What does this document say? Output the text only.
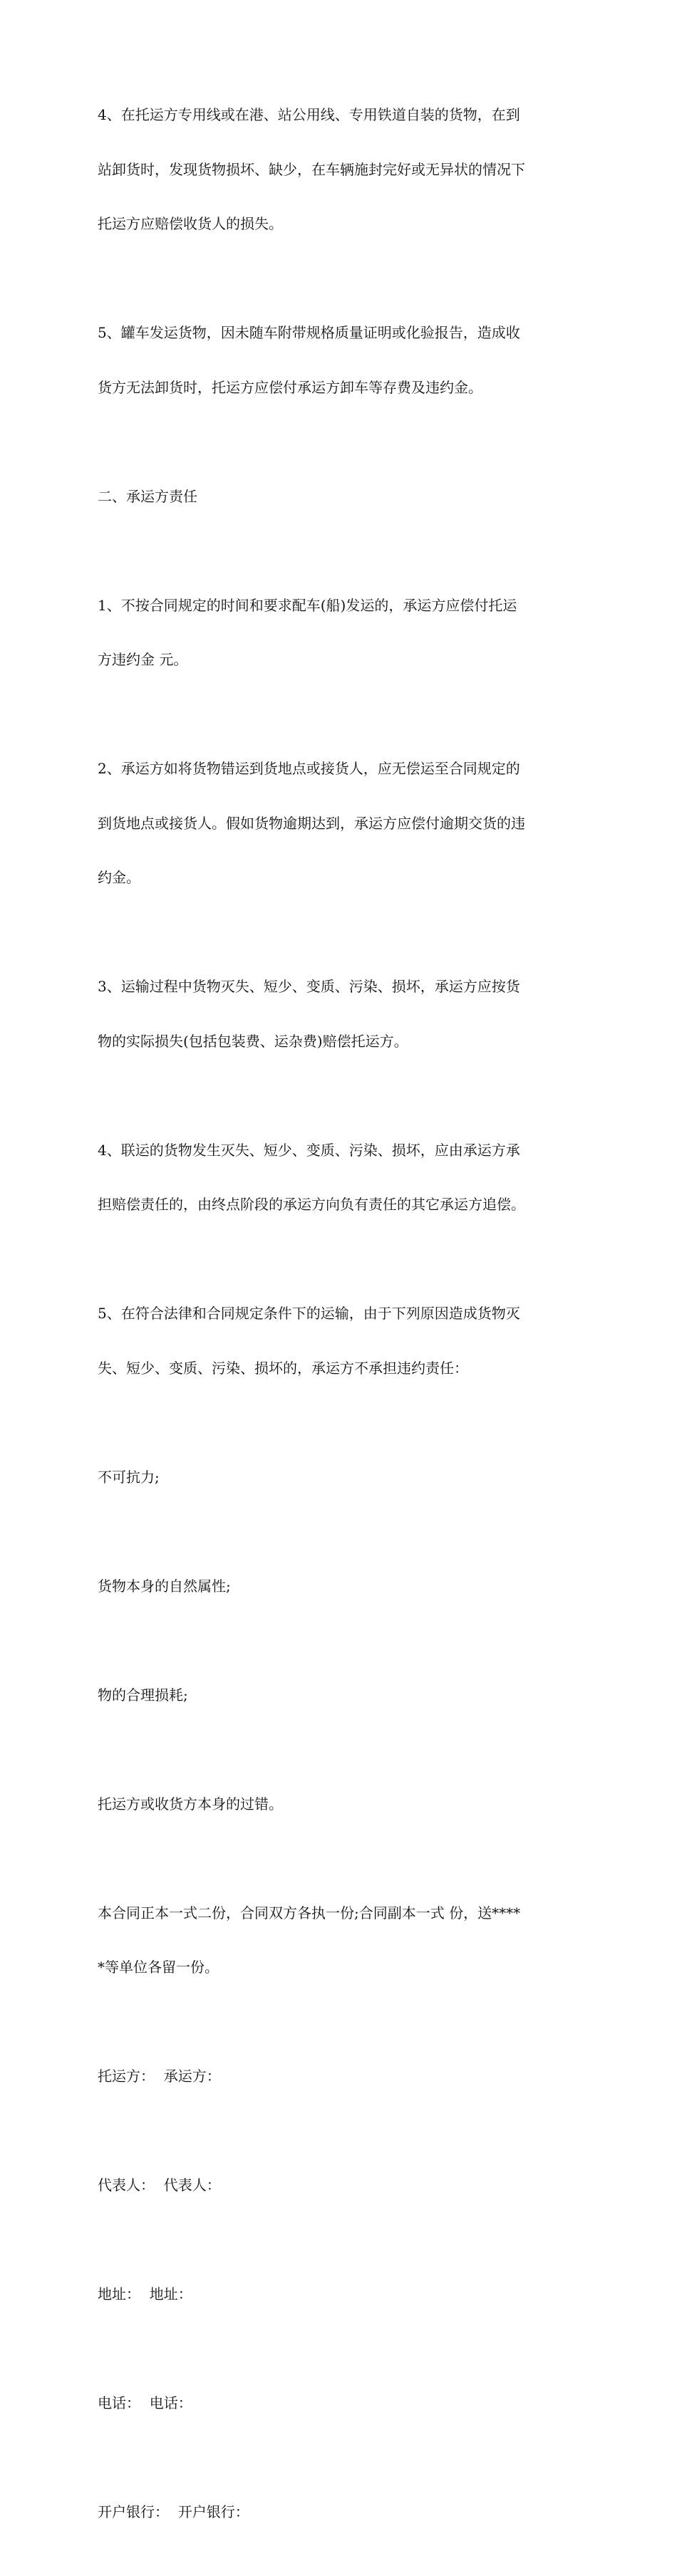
4、在托运方专用线或在港、站公用线、专用铁道自装的货物，在到

站卸货时，发现货物损坏、缺少，在车辆施封完好或无异状的情况下

托运方应赔偿收货人的损失。

5、罐车发运货物，因未随车附带规格质量证明或化验报告，造成收

货方无法卸货时，托运方应偿付承运方卸车等存费及违约金。

二、承运方责任

1、不按合同规定的时间和要求配车(船)发运的，承运方应偿付托运

方违约金 元。

2、承运方如将货物错运到货地点或接货人，应无偿运至合同规定的

到货地点或接货人。假如货物逾期达到，承运方应偿付逾期交货的违

约金。

3、运输过程中货物灭失、短少、变质、污染、损坏，承运方应按货

物的实际损失(包括包装费、运杂费)赔偿托运方。

4、联运的货物发生灭失、短少、变质、污染、损坏，应由承运方承

担赔偿责任的，由终点阶段的承运方向负有责任的其它承运方追偿。

5、在符合法律和合同规定条件下的运输，由于下列原因造成货物灭

失、短少、变质、污染、损坏的，承运方不承担违约责任：

不可抗力;

货物本身的自然属性;

物的合理损耗;

托运方或收货方本身的过错。

本合同正本一式二份，合同双方各执一份;合同副本一式 份，送****

*等单位各留一份。

托运方：  承运方：

代表人：  代表人：

地址：  地址：

电话：  电话：

开户银行：  开户银行：
